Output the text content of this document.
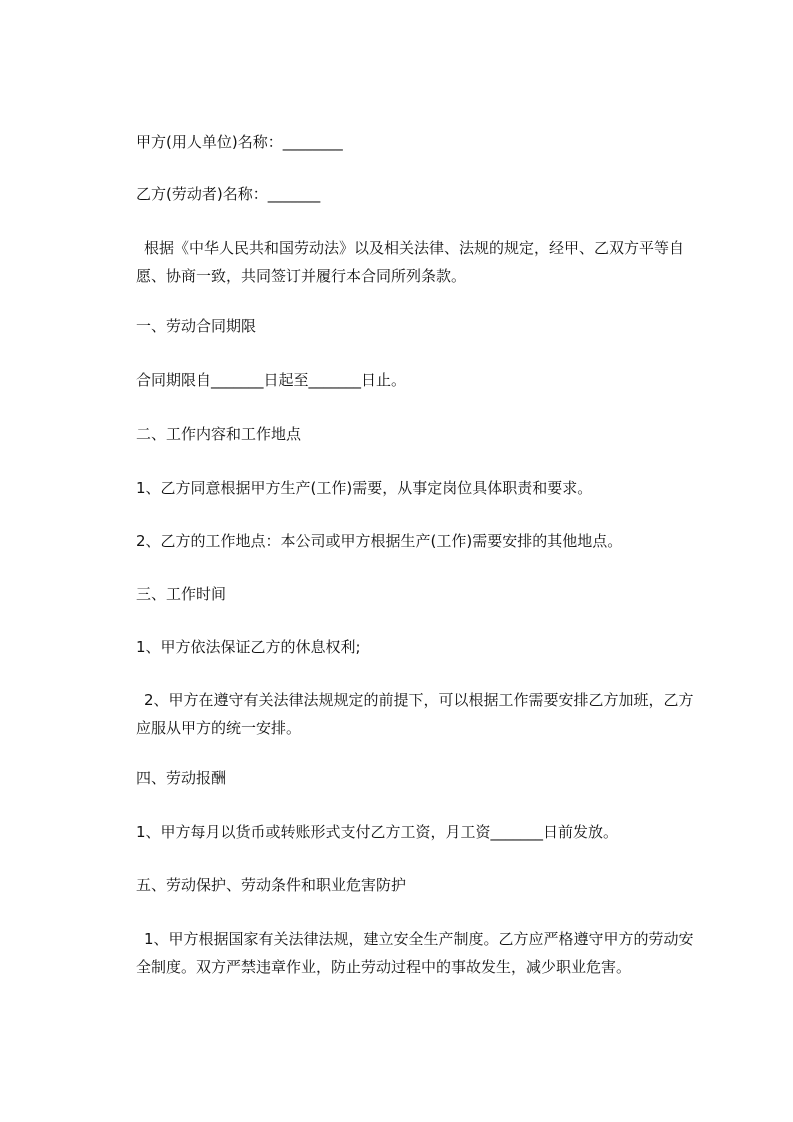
甲方(用人单位)名称：________
乙方(劳动者)名称：_______
根据《中华人民共和国劳动法》以及相关法律、法规的规定，经甲、乙双方平等自愿、协商一致，共同签订并履行本合同所列条款。
一、劳动合同期限
合同期限自_______日起至_______日止。
二、工作内容和工作地点
1、乙方同意根据甲方生产(工作)需要，从事定岗位具体职责和要求。
2、乙方的工作地点：本公司或甲方根据生产(工作)需要安排的其他地点。
三、工作时间
1、甲方依法保证乙方的休息权利;
2、甲方在遵守有关法律法规规定的前提下，可以根据工作需要安排乙方加班，乙方应服从甲方的统一安排。
四、劳动报酬
1、甲方每月以货币或转账形式支付乙方工资，月工资_______日前发放。
五、劳动保护、劳动条件和职业危害防护
1、甲方根据国家有关法律法规，建立安全生产制度。乙方应严格遵守甲方的劳动安全制度。双方严禁违章作业，防止劳动过程中的事故发生，减少职业危害。
